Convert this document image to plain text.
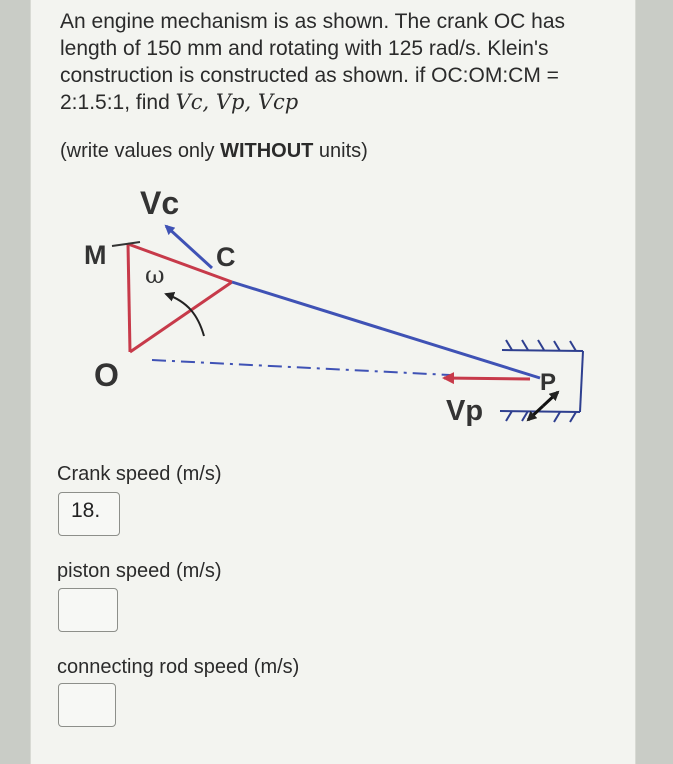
An engine mechanism is as shown. The crank OC has
length of 150 mm and rotating with 125 rad/s. Klein's
construction is constructed as shown. if OC:OM:CM =
2:1.5:1, find Vc, Vp, Vcp
(write values only WITHOUT units)
Vc
M	C
ω
O	P
Vp
Crank speed (m/s)
18.
piston speed (m/s)
connecting rod speed (m/s)
